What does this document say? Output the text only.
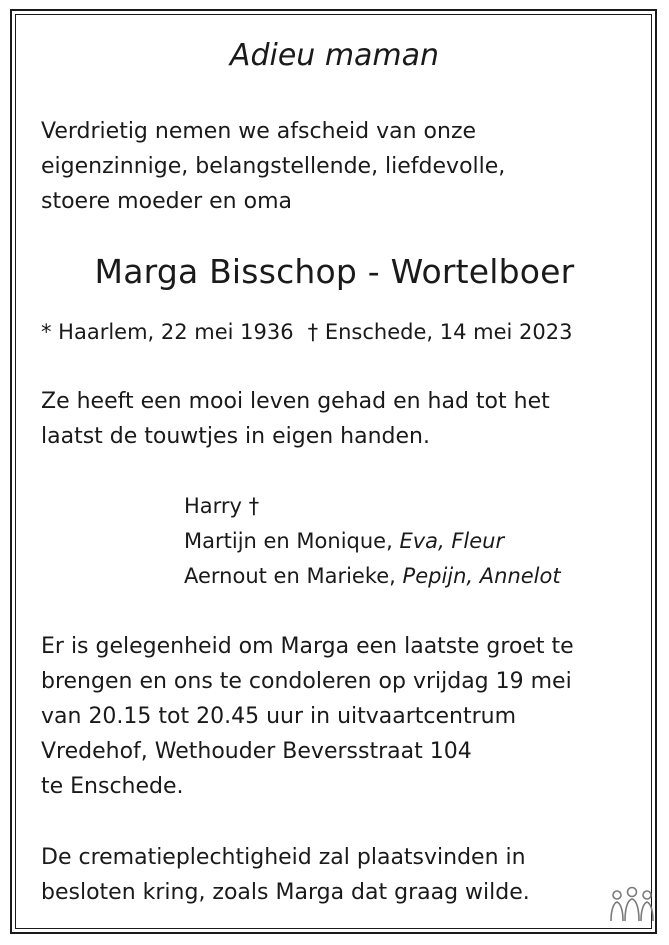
Adieu maman

Verdrietig nemen we afscheid van onze
eigenzinnige, belangstellende, liefdevolle,
stoere moeder en oma

Marga Bisschop - Wortelboer

* Haarlem, 22 mei 1936 † Enschede, 14 mei 2023
Ze heeft een mooi leven gehad en had tot het
laatst de touwtjes in eigen handen.
Harry †
Martijn en Monique, Eva, Fleur
Aernout en Marieke, Pepijn, Annelot
Er is gelegenheid om Marga een laatste groet te
brengen en ons te condoleren op vrijdag 19 mei
van 20.15 tot 20.45 uur in uitvaartcentrum
Vredehof, Wethouder Beversstraat 104
te Enschede.
De crematieplechtigheid zal plaatsvinden in
besloten kring, zoals Marga dat graag wilde.
